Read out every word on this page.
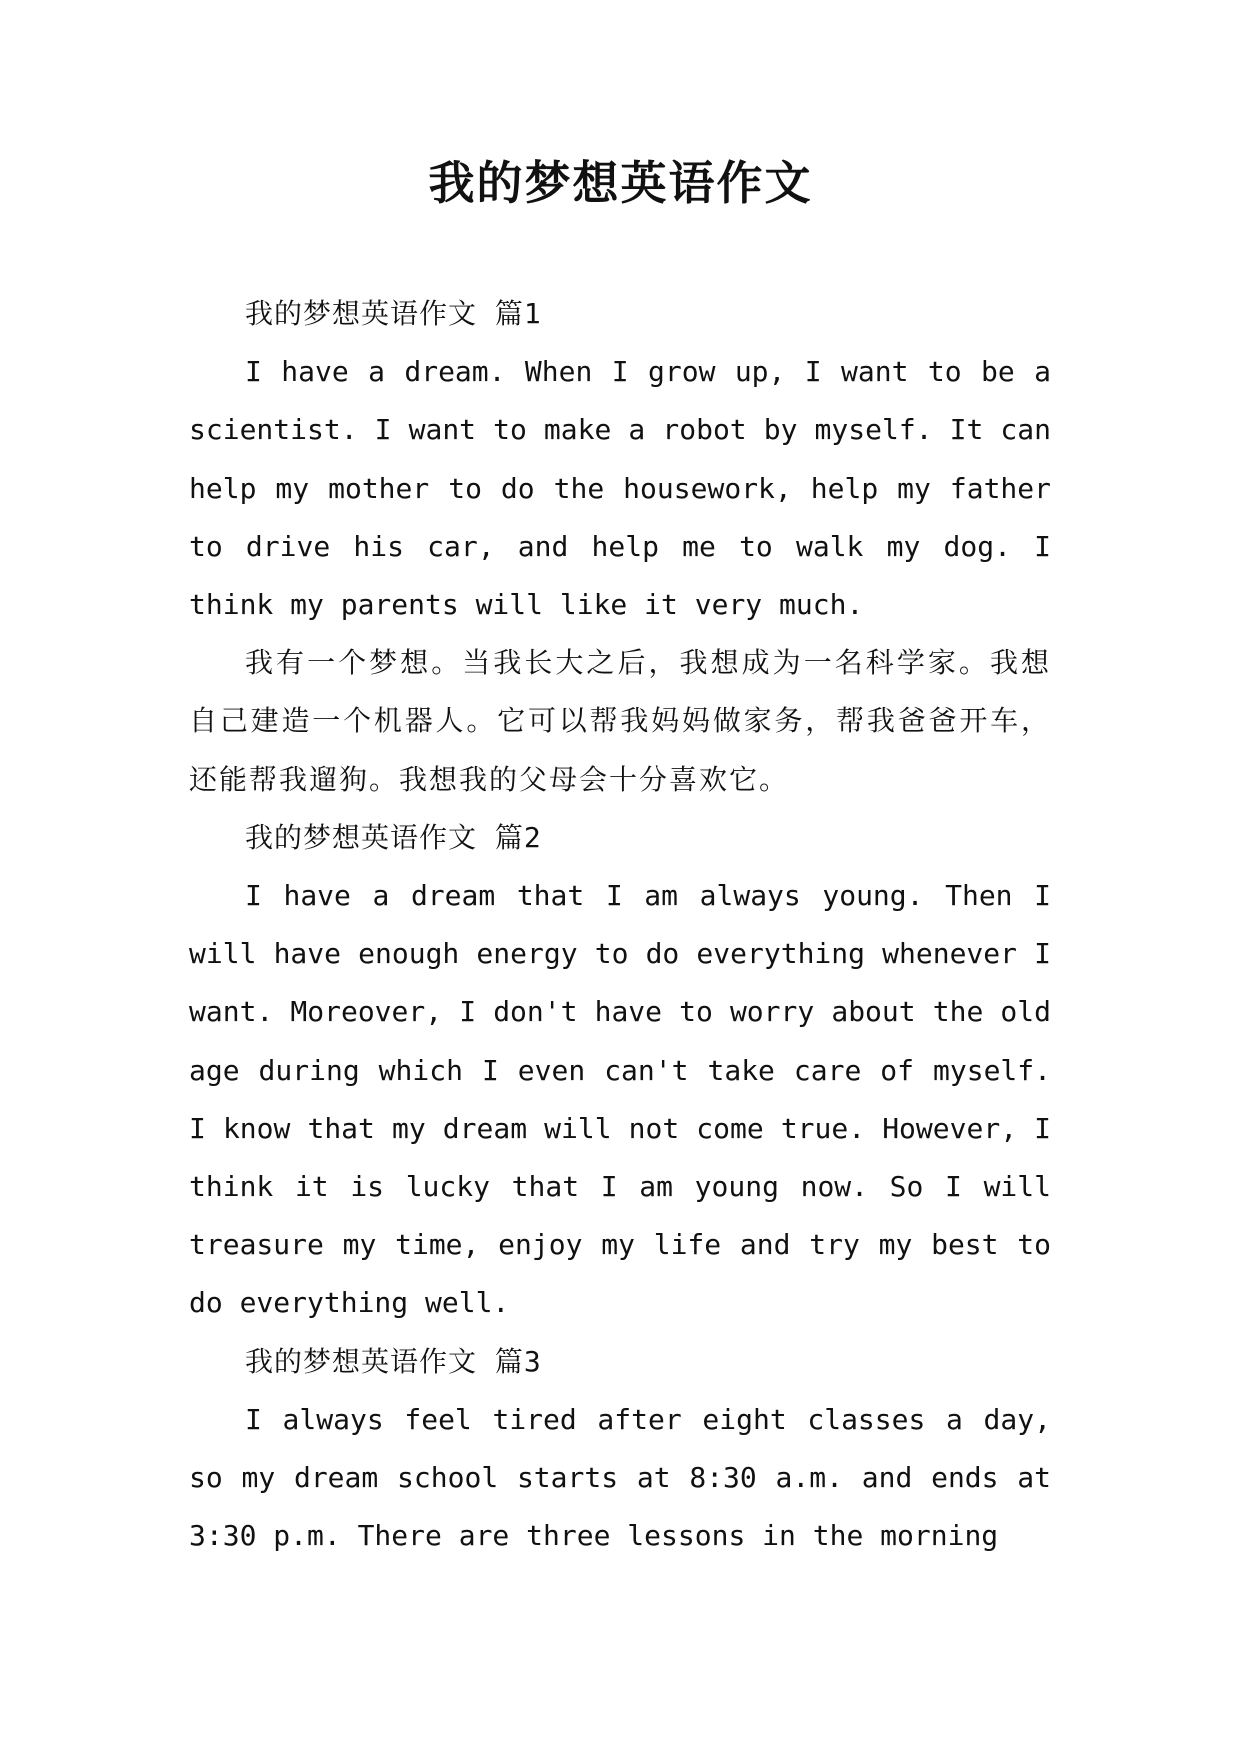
我的梦想英语作文

我的梦想英语作文 篇1

I have a dream. When I grow up, I want to be a scientist. I want to make a robot by myself. It can help my mother to do the housework, help my father to drive his car, and help me to walk my dog. I think my parents will like it very much.

我有一个梦想。当我长大之后，我想成为一名科学家。我想自己建造一个机器人。它可以帮我妈妈做家务，帮我爸爸开车，还能帮我遛狗。我想我的父母会十分喜欢它。

我的梦想英语作文 篇2

I have a dream that I am always young. Then I will have enough energy to do everything whenever I want. Moreover, I don't have to worry about the old age during which I even can't take care of myself. I know that my dream will not come true. However, I think it is lucky that I am young now. So I will treasure my time, enjoy my life and try my best to do everything well.

我的梦想英语作文 篇3

I always feel tired after eight classes a day, so my dream school starts at 8:30 a.m. and ends at 3:30 p.m. There are three lessons in the morning
